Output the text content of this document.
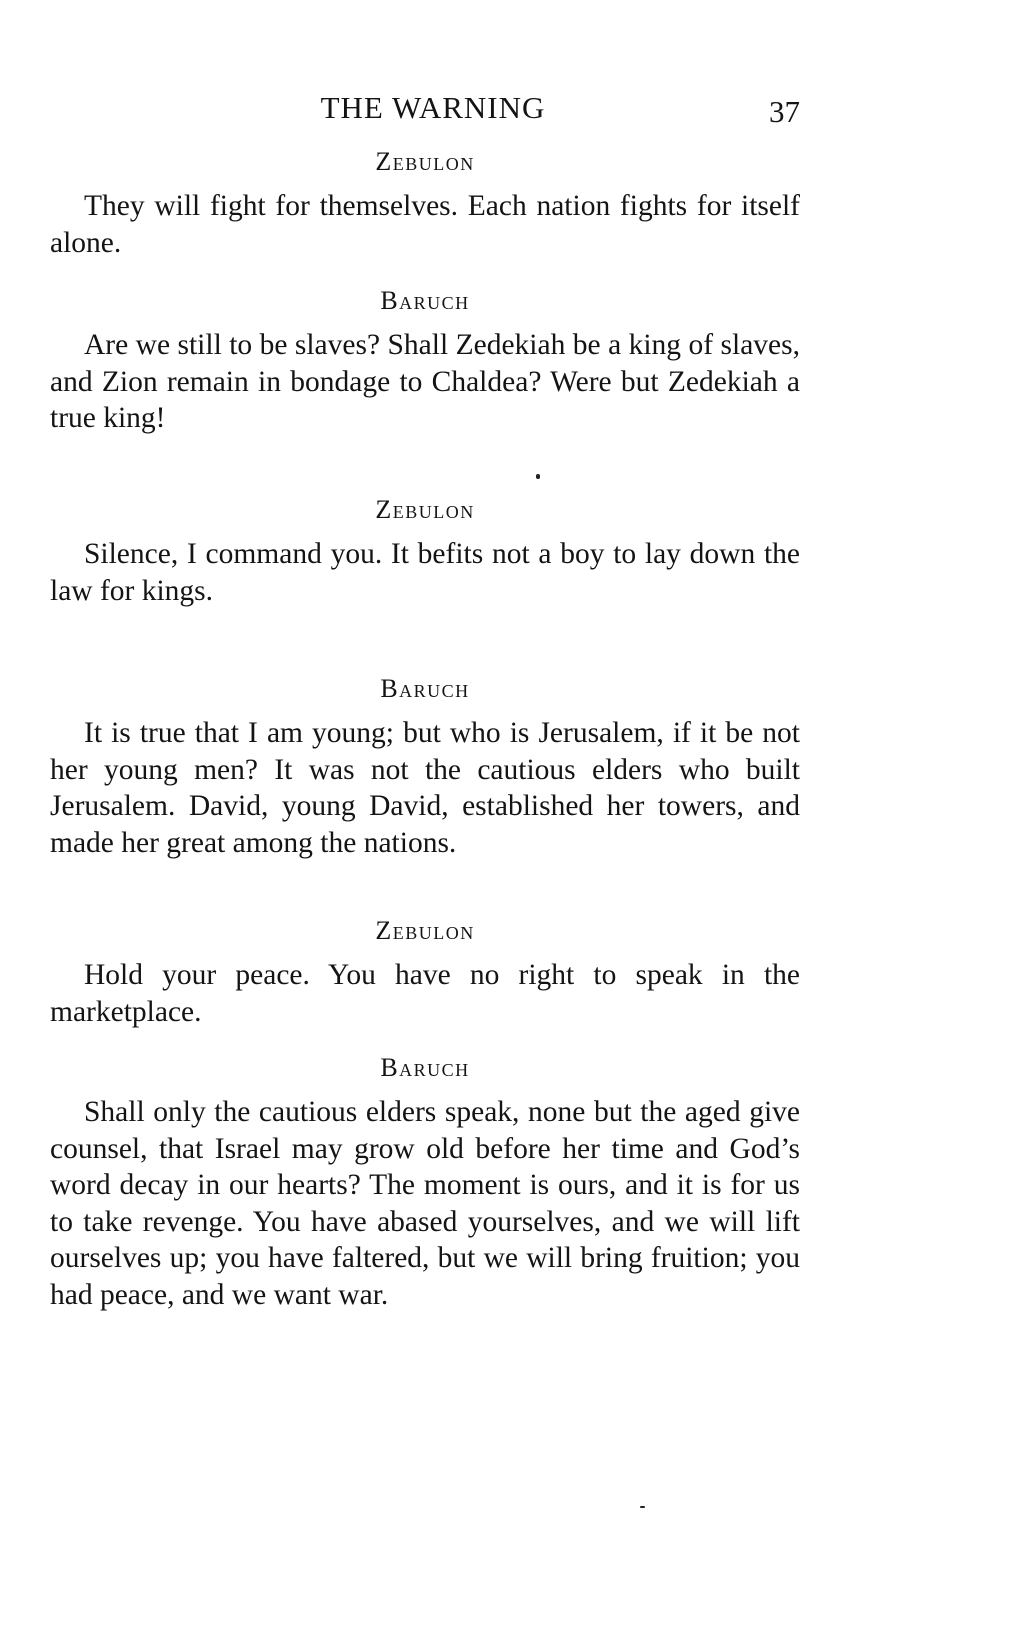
THE WARNING	37
Zebulon

They will fight for themselves. Each nation fights for itself alone.

Baruch

Are we still to be slaves? Shall Zedekiah be a king of slaves, and Zion remain in bondage to Chaldea? Were but Zedekiah a true king!

Zebulon

Silence, I command you. It befits not a boy to lay down the law for kings.

Baruch

It is true that I am young; but who is Jerusalem, if it be not her young men? It was not the cautious elders who built Jerusalem. David, young David, established her towers, and made her great among the nations.

Zebulon

Hold your peace. You have no right to speak in the marketplace.

Baruch

Shall only the cautious elders speak, none but the aged give counsel, that Israel may grow old before her time and God’s word decay in our hearts? The moment is ours, and it is for us to take revenge. You have abased yourselves, and we will lift ourselves up; you have faltered, but we will bring fruition; you had peace, and we want war.
